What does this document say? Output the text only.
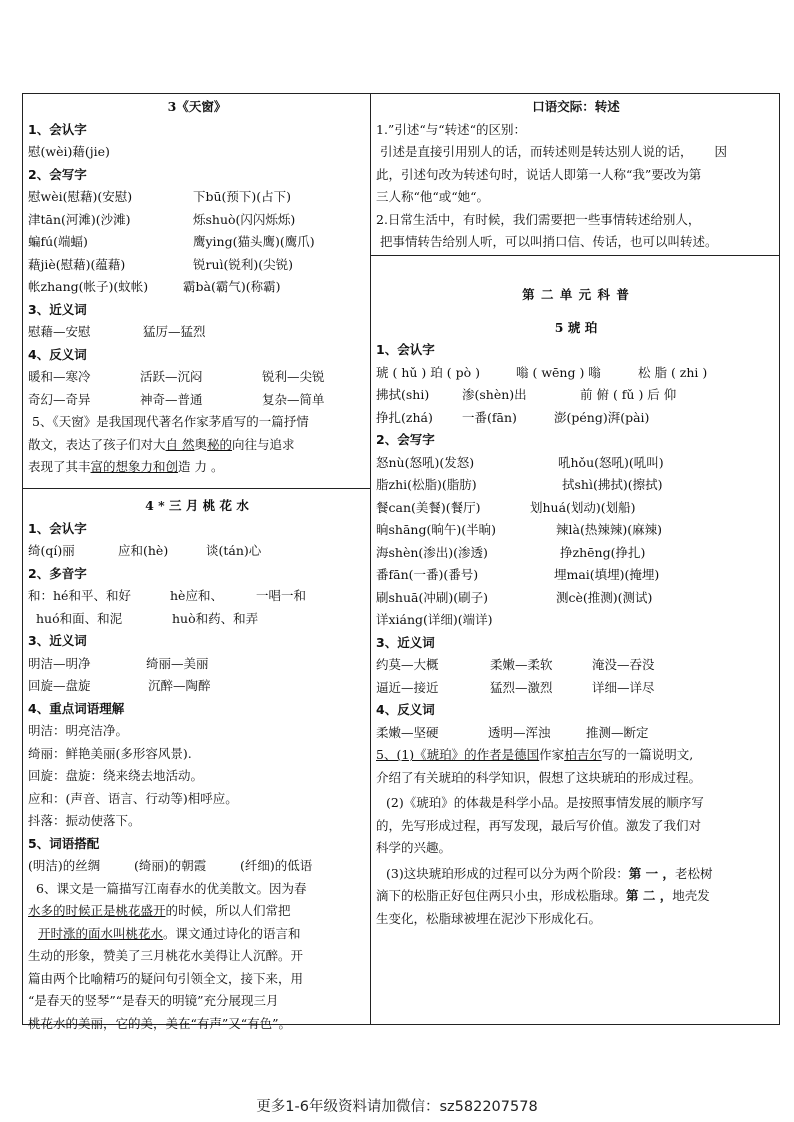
3《天窗》
1、会认字
慰(wèi)藉(jie)
2、会写字
慰wèi(慰藉)(安慰)	下bū(预下)(占下)
津tān(河滩)(沙滩)	烁shuò(闪闪烁烁)
蝙fú(端蝠)	鹰ying(猫头鹰)(鹰爪)
藉jiè(慰藉)(蕴藉)	锐ruì(锐利)(尖锐)
帐zhang(帐子)(蚊帐)	霸bà(霸气)(称霸)
3、近义词
慰藉—安慰	猛厉—猛烈
4、反义词
暖和—寒冷	活跃—沉闷	锐利—尖锐
奇幻—奇异	神奇—普通	复杂—简单
5、《天窗》是我国现代著名作家茅盾写的一篇抒情
散文，表达了孩子们对大自 然奥秘的向往与追求
表现了其丰富的想象力和创造 力 。
4 * 三 月 桃 花 水
1、会认字
绮(qí)丽	应和(hè)	谈(tán)心
2、多音字
和：hé和平、和好	hè应和、	一唱一和
huó和面、和泥	huò和药、和弄
3、近义词
明洁—明净	绮丽—美丽
回旋—盘旋	沉醉—陶醉
4、重点词语理解
明洁：明亮洁净。
绮丽：鲜艳美丽(多形容风景).
回旋：盘旋：绕来绕去地活动。
应和：(声音、语言、行动等)相呼应。
抖落：振动使落下。
5、词语搭配
(明洁)的丝绸	(绮丽)的朝霞	(纤细)的低语
6、课文是一篇描写江南春水的优美散文。因为春
水多的时候正是桃花盛开的时候，所以人们常把
开时涨的面水叫桃花水。课文通过诗化的语言和
生动的形象，赞美了三月桃花水美得让人沉醉。开
篇由两个比喻精巧的疑问句引领全文，接下来，用
“是春天的竖琴”“是春天的明镜”充分展现三月
桃花水的美丽，它的美，美在“有声”又“有色”。
口语交际：转述
1.”引述“与“转述“的区别：
引述是直接引用别人的话，而转述则是转达别人说的话， 因
此，引述句改为转述句时，说话人即第一人称“我”要改为第
三人称“他“或“她“。
2.日常生活中，有时候，我们需要把一些事情转述给别人，
把事情转告给别人听，可以叫捎口信、传话，也可以叫转述。
第 二 单 元 科 普
5 琥 珀
1、会认字
琥 ( hǔ ) 珀 ( pò )	嗡 ( wēng ) 嗡	松 脂 ( zhi )
拂拭(shi)	渗(shèn)出	前 俯 ( fǔ ) 后 仰
挣扎(zhá) 一番(fān)	澎(péng)湃(pài)
2、会写字
怒nù(怒吼)(发怒)	吼hǒu(怒吼)(吼叫)
脂zhi(松脂)(脂肪)	拭shì(拂拭)(擦拭)
餐can(美餐)(餐厅)	划huá(划动)(划船)
晌shāng(晌午)(半晌)	辣là(热辣辣)(麻辣)
海shèn(渗出)(渗透)	挣zhēng(挣扎)
番fān(一番)(番号)	埋mai(填埋)(掩埋)
刷shuā(冲刷)(刷子)	测cè(推测)(测试)
详xiáng(详细)(端详)
3、近义词
约莫—大概	柔嫩—柔软	淹没—吞没
逼近—接近	猛烈—激烈	详细—详尽
4、反义词
柔嫩—坚硬	透明—浑浊	推测—断定
5、(1)《琥珀》的作者是德国作家柏吉尔写的一篇说明文,
介绍了有关琥珀的科学知识，假想了这块琥珀的形成过程。
(2)《琥珀》的体裁是科学小品。是按照事情发展的顺序写
的，先写形成过程，再写发现，最后写价值。激发了我们对
科学的兴趣。
(3)这块琥珀形成的过程可以分为两个阶段：第 一 ，老松树
滴下的松脂正好包住两只小虫，形成松脂球。第 二 ，地壳发
生变化，松脂球被埋在泥沙下形成化石。
更多1-6年级资料请加微信：sz582207578
